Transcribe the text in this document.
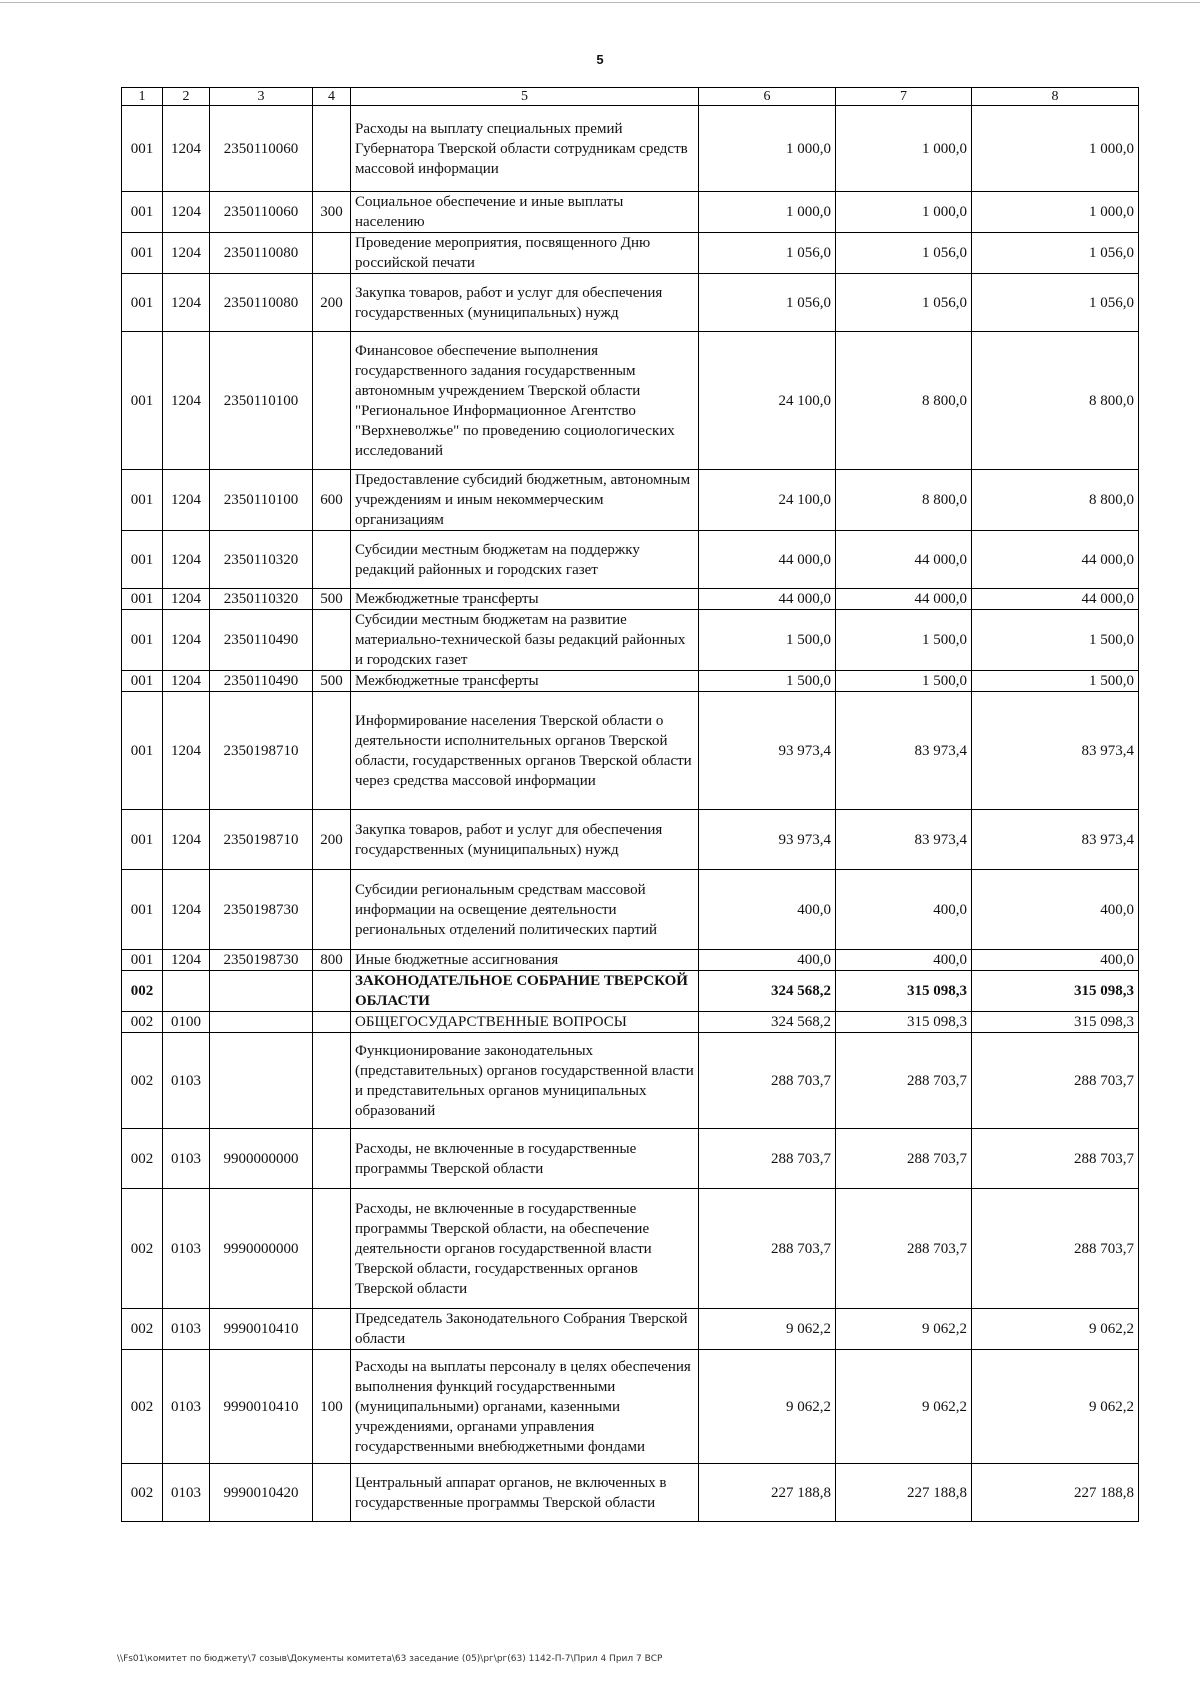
5
1	2	3	4	5	6	7	8
001	1204	2350110060		Расходы на выплату специальных премий Губернатора Тверской области сотрудникам средств массовой информации	1 000,0	1 000,0	1 000,0
001	1204	2350110060	300	Социальное обеспечение и иные выплаты населению	1 000,0	1 000,0	1 000,0
001	1204	2350110080		Проведение мероприятия, посвященного Дню российской печати	1 056,0	1 056,0	1 056,0
001	1204	2350110080	200	Закупка товаров, работ и услуг для обеспечения государственных (муниципальных) нужд	1 056,0	1 056,0	1 056,0
001	1204	2350110100		Финансовое обеспечение выполнения государственного задания государственным автономным учреждением Тверской области "Региональное Информационное Агентство "Верхневолжье" по проведению социологических исследований	24 100,0	8 800,0	8 800,0
001	1204	2350110100	600	Предоставление субсидий бюджетным, автономным учреждениям и иным некоммерческим организациям	24 100,0	8 800,0	8 800,0
001	1204	2350110320		Субсидии местным бюджетам на поддержку редакций районных и городских газет	44 000,0	44 000,0	44 000,0
001	1204	2350110320	500	Межбюджетные трансферты	44 000,0	44 000,0	44 000,0
001	1204	2350110490		Субсидии местным бюджетам на развитие материально-технической базы редакций районных и городских газет	1 500,0	1 500,0	1 500,0
001	1204	2350110490	500	Межбюджетные трансферты	1 500,0	1 500,0	1 500,0
001	1204	2350198710		Информирование населения Тверской области о деятельности исполнительных органов Тверской области, государственных органов Тверской области через средства массовой информации	93 973,4	83 973,4	83 973,4
001	1204	2350198710	200	Закупка товаров, работ и услуг для обеспечения государственных (муниципальных) нужд	93 973,4	83 973,4	83 973,4
001	1204	2350198730		Субсидии региональным средствам массовой информации на освещение деятельности региональных отделений политических партий	400,0	400,0	400,0
001	1204	2350198730	800	Иные бюджетные ассигнования	400,0	400,0	400,0
002				ЗАКОНОДАТЕЛЬНОЕ СОБРАНИЕ ТВЕРСКОЙ ОБЛАСТИ	324 568,2	315 098,3	315 098,3
002	0100			ОБЩЕГОСУДАРСТВЕННЫЕ ВОПРОСЫ	324 568,2	315 098,3	315 098,3
002	0103			Функционирование законодательных (представительных) органов государственной власти и представительных органов муниципальных образований	288 703,7	288 703,7	288 703,7
002	0103	9900000000		Расходы, не включенные в государственные программы Тверской области	288 703,7	288 703,7	288 703,7
002	0103	9990000000		Расходы, не включенные в государственные программы Тверской области, на обеспечение деятельности органов государственной власти Тверской области, государственных органов Тверской области	288 703,7	288 703,7	288 703,7
002	0103	9990010410		Председатель Законодательного Собрания Тверской области	9 062,2	9 062,2	9 062,2
002	0103	9990010410	100	Расходы на выплаты персоналу в целях обеспечения выполнения функций государственными (муниципальными) органами, казенными учреждениями, органами управления государственными внебюджетными фондами	9 062,2	9 062,2	9 062,2
002	0103	9990010420		Центральный аппарат органов, не включенных в государственные программы Тверской области	227 188,8	227 188,8	227 188,8
\\Fs01\комитет по бюджету\7 созыв\Документы комитета\63 заседание (05)\рг\рг(63) 1142-П-7\Прил 4 Прил 7 ВСР
